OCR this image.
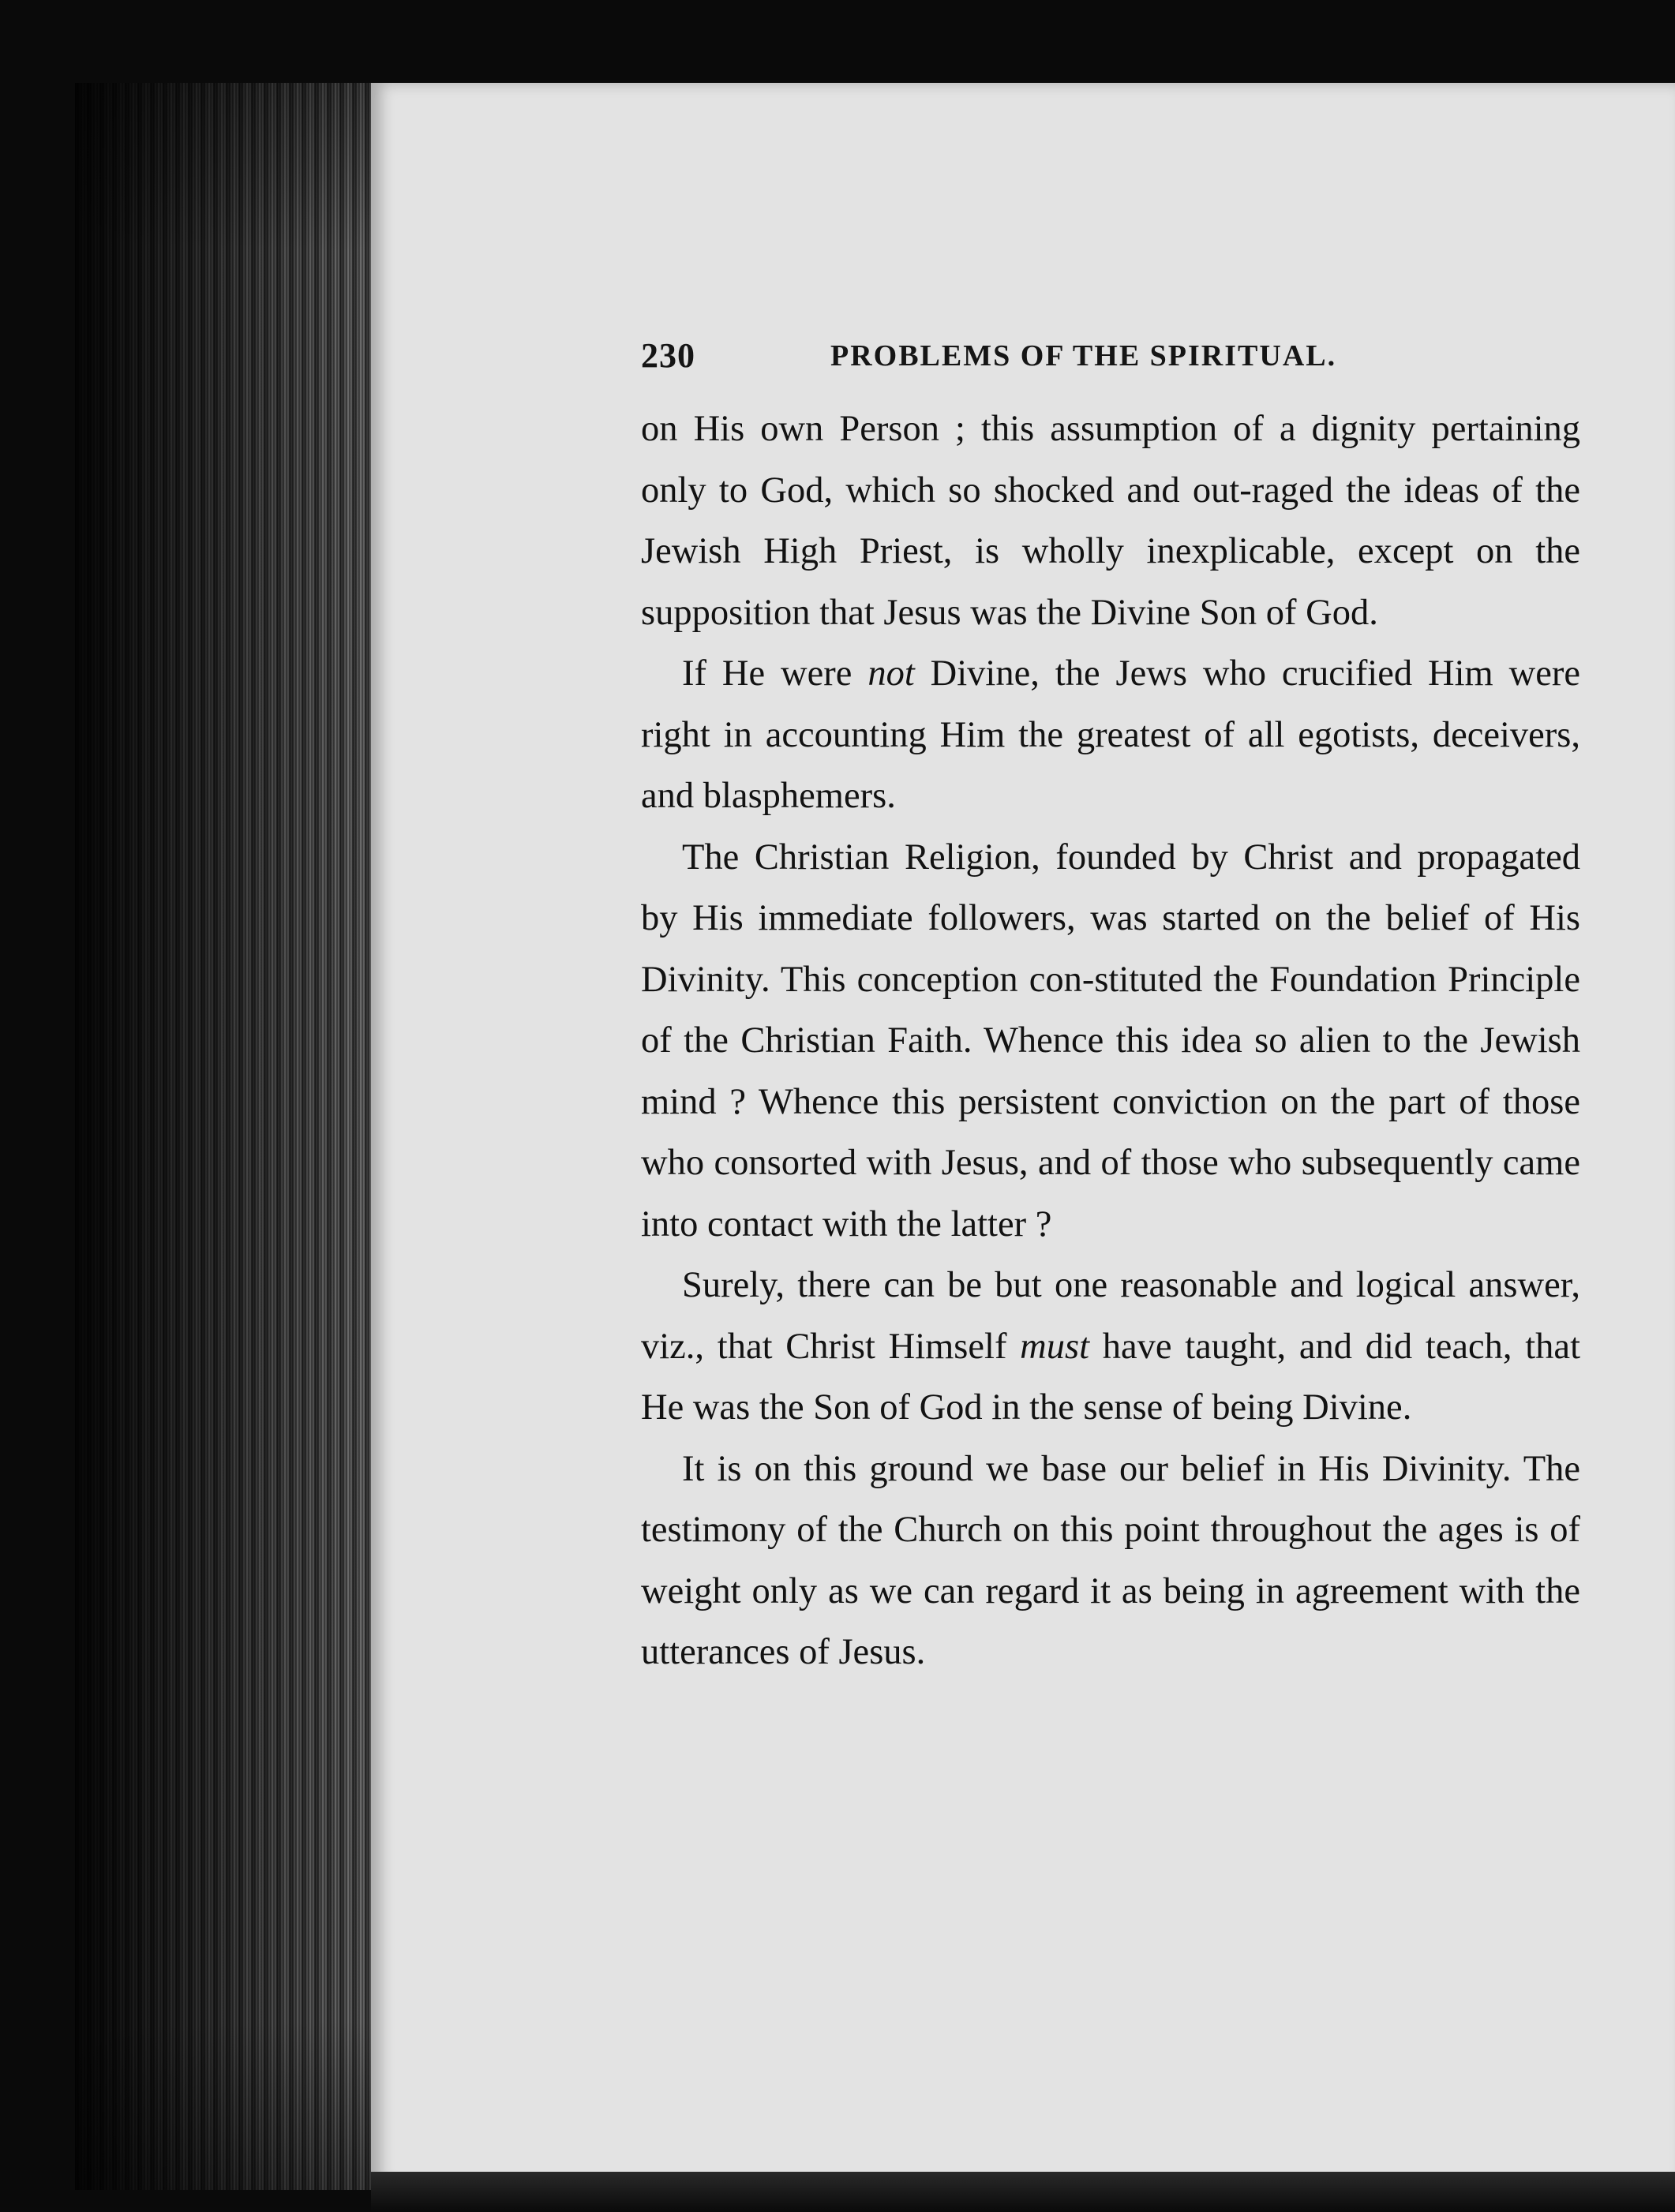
230	PROBLEMS OF THE SPIRITUAL.

on His own Person ; this assumption of a dignity pertaining only to God, which so shocked and out-raged the ideas of the Jewish High Priest, is wholly inexplicable, except on the supposition that Jesus was the Divine Son of God.

If He were not Divine, the Jews who crucified Him were right in accounting Him the greatest of all egotists, deceivers, and blasphemers.

The Christian Religion, founded by Christ and propagated by His immediate followers, was started on the belief of His Divinity. This conception con-stituted the Foundation Principle of the Christian Faith. Whence this idea so alien to the Jewish mind ? Whence this persistent conviction on the part of those who consorted with Jesus, and of those who subsequently came into contact with the latter ?

Surely, there can be but one reasonable and logical answer, viz., that Christ Himself must have taught, and did teach, that He was the Son of God in the sense of being Divine.

It is on this ground we base our belief in His Divinity. The testimony of the Church on this point throughout the ages is of weight only as we can regard it as being in agreement with the utterances of Jesus.
